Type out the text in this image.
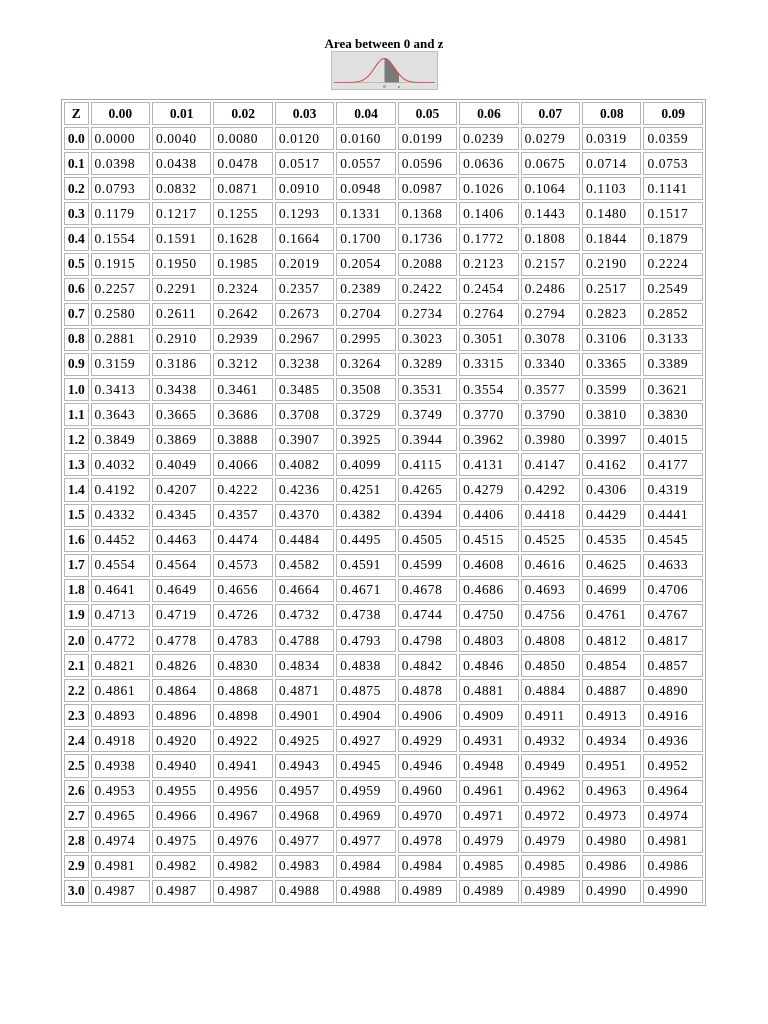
Area between 0 and z
0	z
Z	0.00	0.01	0.02	0.03	0.04	0.05	0.06	0.07	0.08	0.09
0.0	0.0000	0.0040	0.0080	0.0120	0.0160	0.0199	0.0239	0.0279	0.0319	0.0359
0.1	0.0398	0.0438	0.0478	0.0517	0.0557	0.0596	0.0636	0.0675	0.0714	0.0753
0.2	0.0793	0.0832	0.0871	0.0910	0.0948	0.0987	0.1026	0.1064	0.1103	0.1141
0.3	0.1179	0.1217	0.1255	0.1293	0.1331	0.1368	0.1406	0.1443	0.1480	0.1517
0.4	0.1554	0.1591	0.1628	0.1664	0.1700	0.1736	0.1772	0.1808	0.1844	0.1879
0.5	0.1915	0.1950	0.1985	0.2019	0.2054	0.2088	0.2123	0.2157	0.2190	0.2224
0.6	0.2257	0.2291	0.2324	0.2357	0.2389	0.2422	0.2454	0.2486	0.2517	0.2549
0.7	0.2580	0.2611	0.2642	0.2673	0.2704	0.2734	0.2764	0.2794	0.2823	0.2852
0.8	0.2881	0.2910	0.2939	0.2967	0.2995	0.3023	0.3051	0.3078	0.3106	0.3133
0.9	0.3159	0.3186	0.3212	0.3238	0.3264	0.3289	0.3315	0.3340	0.3365	0.3389
1.0	0.3413	0.3438	0.3461	0.3485	0.3508	0.3531	0.3554	0.3577	0.3599	0.3621
1.1	0.3643	0.3665	0.3686	0.3708	0.3729	0.3749	0.3770	0.3790	0.3810	0.3830
1.2	0.3849	0.3869	0.3888	0.3907	0.3925	0.3944	0.3962	0.3980	0.3997	0.4015
1.3	0.4032	0.4049	0.4066	0.4082	0.4099	0.4115	0.4131	0.4147	0.4162	0.4177
1.4	0.4192	0.4207	0.4222	0.4236	0.4251	0.4265	0.4279	0.4292	0.4306	0.4319
1.5	0.4332	0.4345	0.4357	0.4370	0.4382	0.4394	0.4406	0.4418	0.4429	0.4441
1.6	0.4452	0.4463	0.4474	0.4484	0.4495	0.4505	0.4515	0.4525	0.4535	0.4545
1.7	0.4554	0.4564	0.4573	0.4582	0.4591	0.4599	0.4608	0.4616	0.4625	0.4633
1.8	0.4641	0.4649	0.4656	0.4664	0.4671	0.4678	0.4686	0.4693	0.4699	0.4706
1.9	0.4713	0.4719	0.4726	0.4732	0.4738	0.4744	0.4750	0.4756	0.4761	0.4767
2.0	0.4772	0.4778	0.4783	0.4788	0.4793	0.4798	0.4803	0.4808	0.4812	0.4817
2.1	0.4821	0.4826	0.4830	0.4834	0.4838	0.4842	0.4846	0.4850	0.4854	0.4857
2.2	0.4861	0.4864	0.4868	0.4871	0.4875	0.4878	0.4881	0.4884	0.4887	0.4890
2.3	0.4893	0.4896	0.4898	0.4901	0.4904	0.4906	0.4909	0.4911	0.4913	0.4916
2.4	0.4918	0.4920	0.4922	0.4925	0.4927	0.4929	0.4931	0.4932	0.4934	0.4936
2.5	0.4938	0.4940	0.4941	0.4943	0.4945	0.4946	0.4948	0.4949	0.4951	0.4952
2.6	0.4953	0.4955	0.4956	0.4957	0.4959	0.4960	0.4961	0.4962	0.4963	0.4964
2.7	0.4965	0.4966	0.4967	0.4968	0.4969	0.4970	0.4971	0.4972	0.4973	0.4974
2.8	0.4974	0.4975	0.4976	0.4977	0.4977	0.4978	0.4979	0.4979	0.4980	0.4981
2.9	0.4981	0.4982	0.4982	0.4983	0.4984	0.4984	0.4985	0.4985	0.4986	0.4986
3.0	0.4987	0.4987	0.4987	0.4988	0.4988	0.4989	0.4989	0.4989	0.4990	0.4990
